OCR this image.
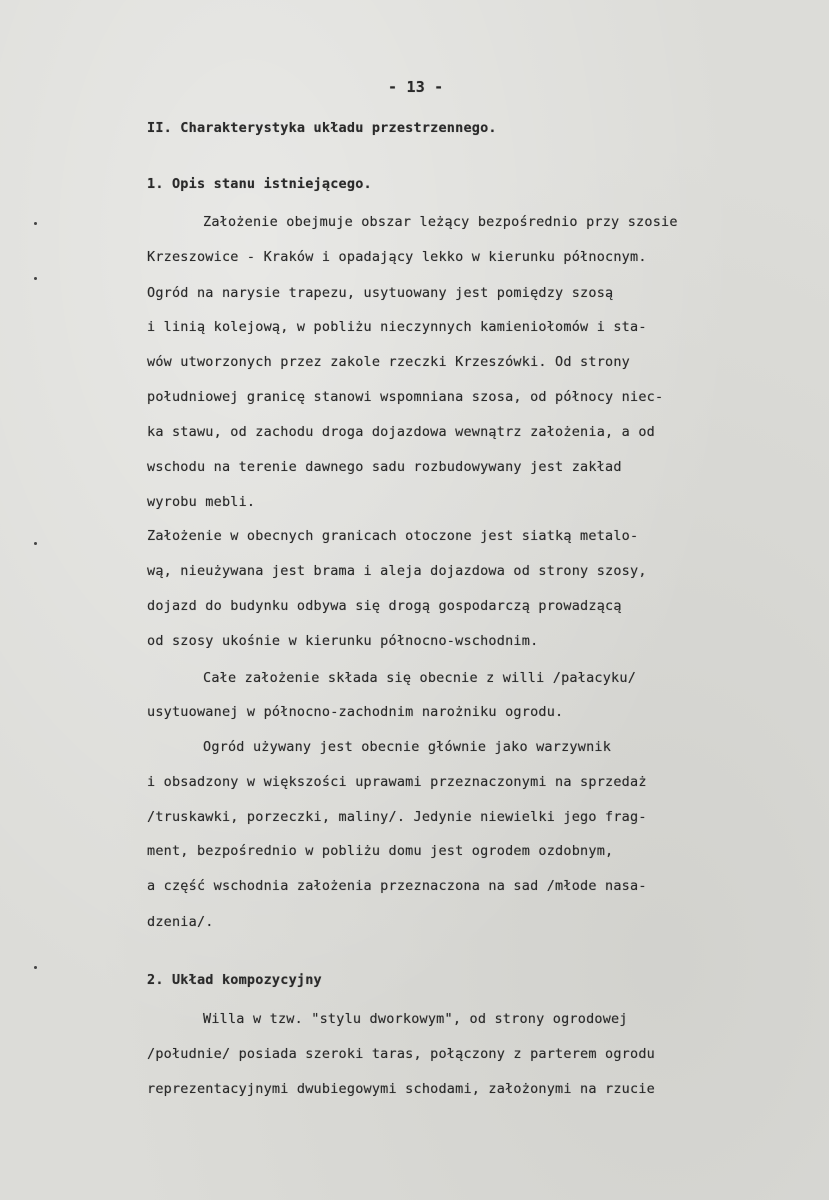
- 13 -
II. Charakterystyka układu przestrzennego.
1. Opis stanu istniejącego.
Założenie obejmuje obszar leżący bezpośrednio przy szosie
Krzeszowice - Kraków i opadający lekko w kierunku północnym.
Ogród na narysie trapezu, usytuowany jest pomiędzy szosą
i linią kolejową, w pobliżu nieczynnych kamieniołomów i sta-
wów utworzonych przez zakole rzeczki Krzeszówki. Od strony
południowej granicę stanowi wspomniana szosa, od północy niec-
ka stawu, od zachodu droga dojazdowa wewnątrz założenia, a od
wschodu na terenie dawnego sadu rozbudowywany jest zakład
wyrobu mebli.
Założenie w obecnych granicach otoczone jest siatką metalo-
wą, nieużywana jest brama i aleja dojazdowa od strony szosy,
dojazd do budynku odbywa się drogą gospodarczą prowadzącą
od szosy ukośnie w kierunku północno-wschodnim.
Całe założenie składa się obecnie z willi /pałacyku/
usytuowanej w północno-zachodnim narożniku ogrodu.
Ogród używany jest obecnie głównie jako warzywnik
i obsadzony w większości uprawami przeznaczonymi na sprzedaż
/truskawki, porzeczki, maliny/. Jedynie niewielki jego frag-
ment, bezpośrednio w pobliżu domu jest ogrodem ozdobnym,
a część wschodnia założenia przeznaczona na sad /młode nasa-
dzenia/.
2. Układ kompozycyjny
Willa w tzw. "stylu dworkowym", od strony ogrodowej
/południe/ posiada szeroki taras, połączony z parterem ogrodu
reprezentacyjnymi dwubiegowymi schodami, założonymi na rzucie
